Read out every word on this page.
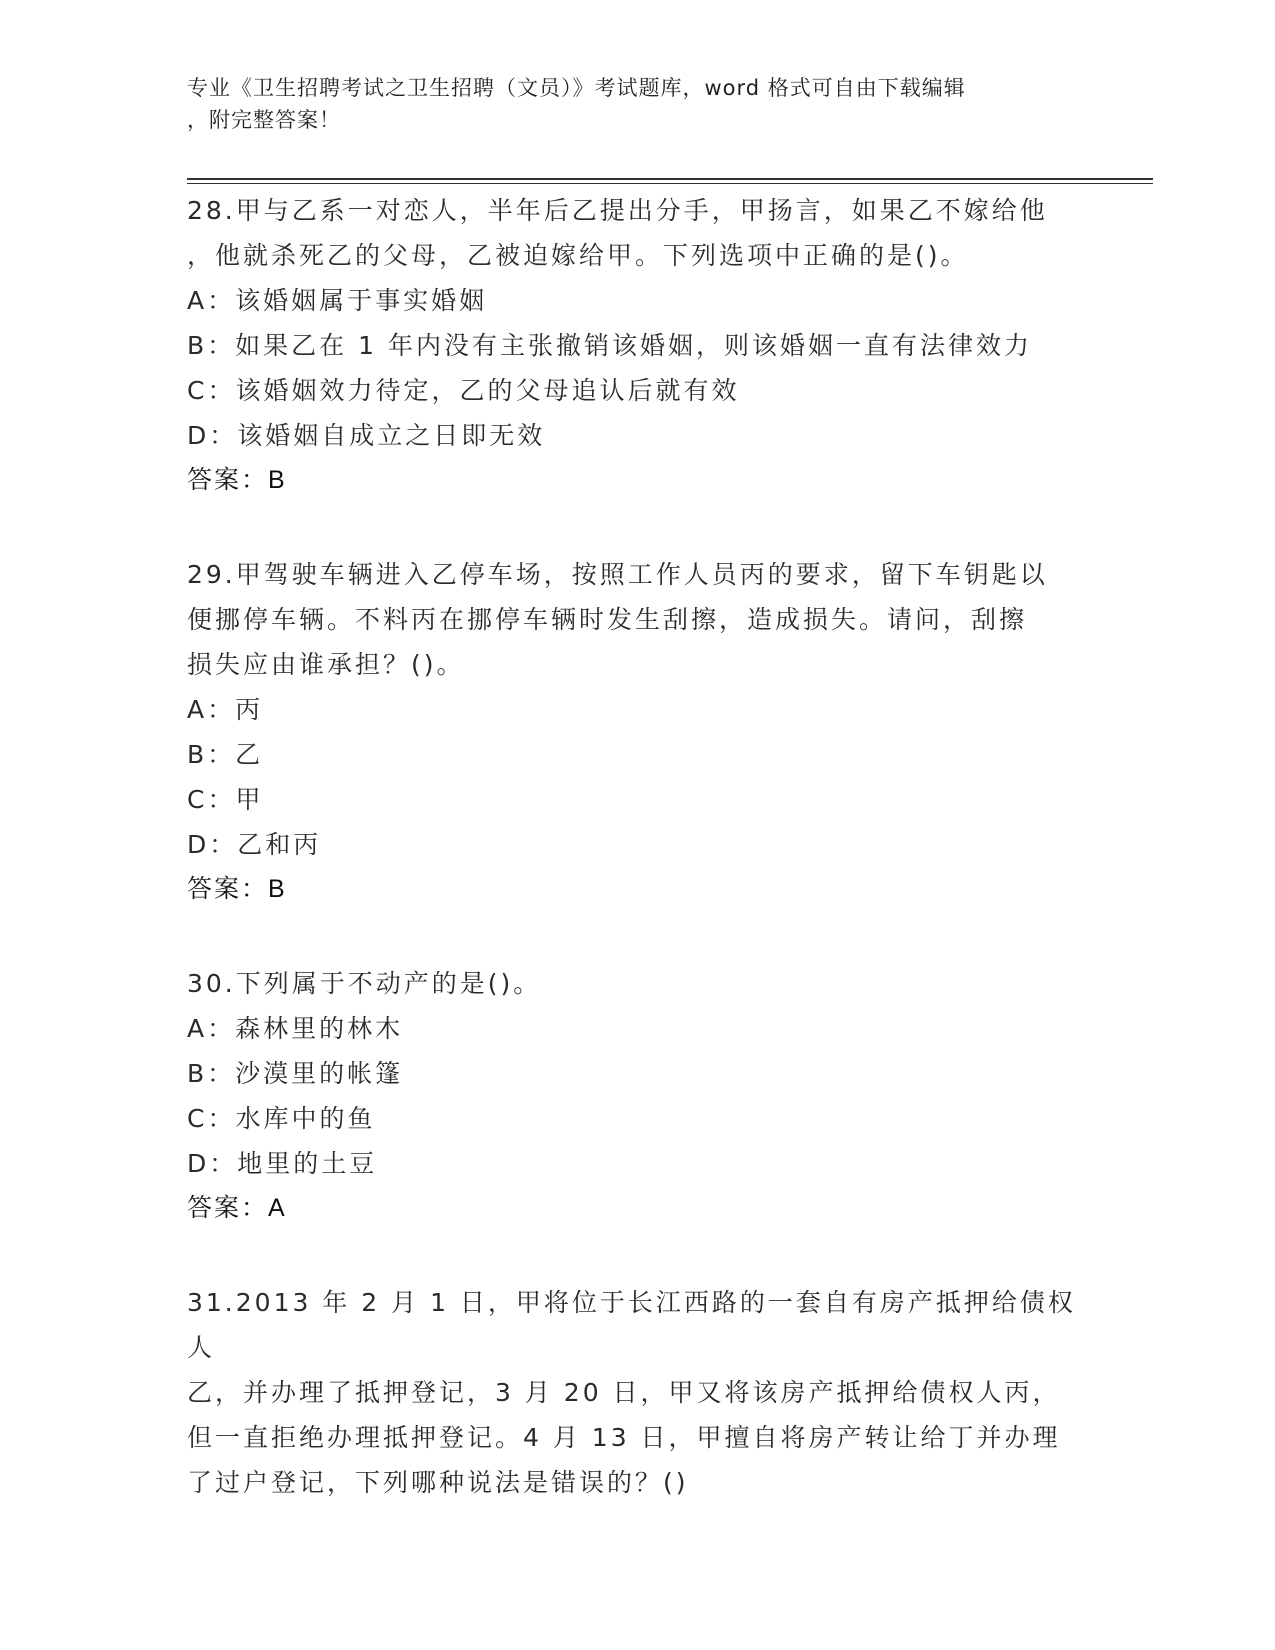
专业《卫生招聘考试之卫生招聘（文员）》考试题库，word 格式可自由下载编辑
，附完整答案！
28.甲与乙系一对恋人，半年后乙提出分手，甲扬言，如果乙不嫁给他
，他就杀死乙的父母，乙被迫嫁给甲。下列选项中正确的是()。
A：该婚姻属于事实婚姻
B：如果乙在 1 年内没有主张撤销该婚姻，则该婚姻一直有法律效力
C：该婚姻效力待定，乙的父母追认后就有效
D：该婚姻自成立之日即无效
答案：B
29.甲驾驶车辆进入乙停车场，按照工作人员丙的要求，留下车钥匙以
便挪停车辆。不料丙在挪停车辆时发生刮擦，造成损失。请问，刮擦
损失应由谁承担？()。
A：丙
B：乙
C：甲
D：乙和丙
答案：B
30.下列属于不动产的是()。
A：森林里的林木
B：沙漠里的帐篷
C：水库中的鱼
D：地里的土豆
答案：A
31.2013 年 2 月 1 日，甲将位于长江西路的一套自有房产抵押给债权人
乙，并办理了抵押登记，3 月 20 日，甲又将该房产抵押给债权人丙，
但一直拒绝办理抵押登记。4 月 13 日，甲擅自将房产转让给丁并办理
了过户登记，下列哪种说法是错误的？()
